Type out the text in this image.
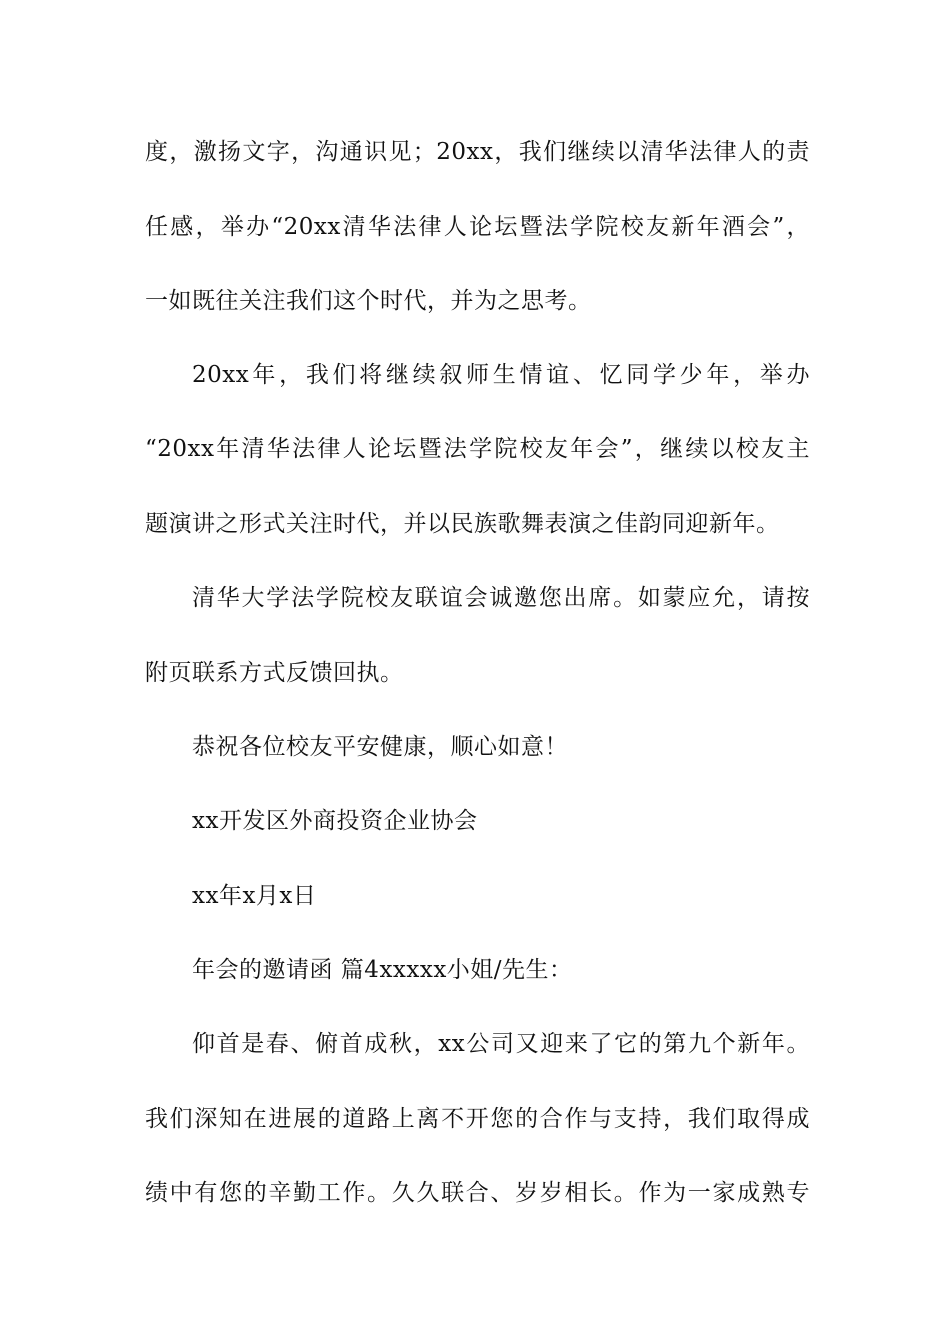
度，激扬文字，沟通识见；20xx，我们继续以清华法律人的责
任感，举办“20xx清华法律人论坛暨法学院校友新年酒会”，
一如既往关注我们这个时代，并为之思考。
20xx年，我们将继续叙师生情谊、忆同学少年，举办
“20xx年清华法律人论坛暨法学院校友年会”，继续以校友主
题演讲之形式关注时代，并以民族歌舞表演之佳韵同迎新年。
清华大学法学院校友联谊会诚邀您出席。如蒙应允，请按
附页联系方式反馈回执。
恭祝各位校友平安健康，顺心如意！
xx开发区外商投资企业协会
xx年x月x日
年会的邀请函 篇4xxxxx小姐/先生：
仰首是春、俯首成秋，xx公司又迎来了它的第九个新年。
我们深知在进展的道路上离不开您的合作与支持，我们取得成
绩中有您的辛勤工作。久久联合、岁岁相长。作为一家成熟专
